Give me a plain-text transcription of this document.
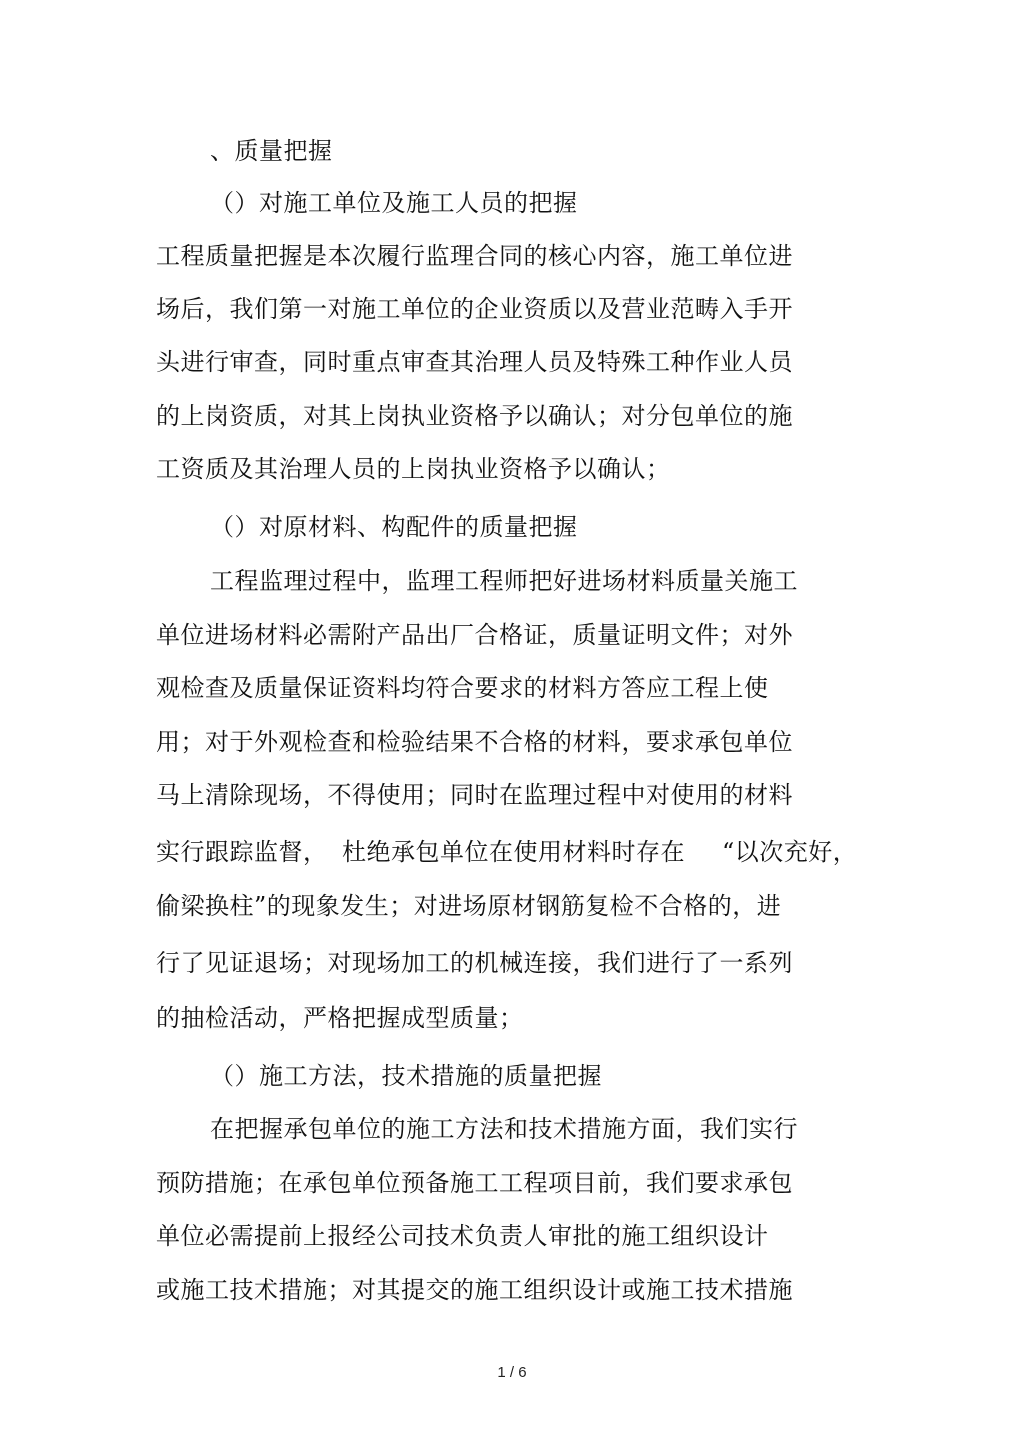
、质量把握
（）对施工单位及施工人员的把握
工程质量把握是本次履行监理合同的核心内容，施工单位进
场后，我们第一对施工单位的企业资质以及营业范畴入手开
头进行审查，同时重点审查其治理人员及特殊工种作业人员
的上岗资质，对其上岗执业资格予以确认；对分包单位的施
工资质及其治理人员的上岗执业资格予以确认；
（）对原材料、构配件的质量把握
工程监理过程中，监理工程师把好进场材料质量关施工
单位进场材料必需附产品出厂合格证，质量证明文件；对外
观检查及质量保证资料均符合要求的材料方答应工程上使
用；对于外观检查和检验结果不合格的材料，要求承包单位
马上清除现场，不得使用；同时在监理过程中对使用的材料
实行跟踪监督， 杜绝承包单位在使用材料时存在 “以次充好，
偷梁换柱”的现象发生；对进场原材钢筋复检不合格的，进
行了见证退场；对现场加工的机械连接，我们进行了一系列
的抽检活动，严格把握成型质量；
（）施工方法，技术措施的质量把握
在把握承包单位的施工方法和技术措施方面，我们实行
预防措施；在承包单位预备施工工程项目前，我们要求承包
单位必需提前上报经公司技术负责人审批的施工组织设计
或施工技术措施；对其提交的施工组织设计或施工技术措施
1 / 6
